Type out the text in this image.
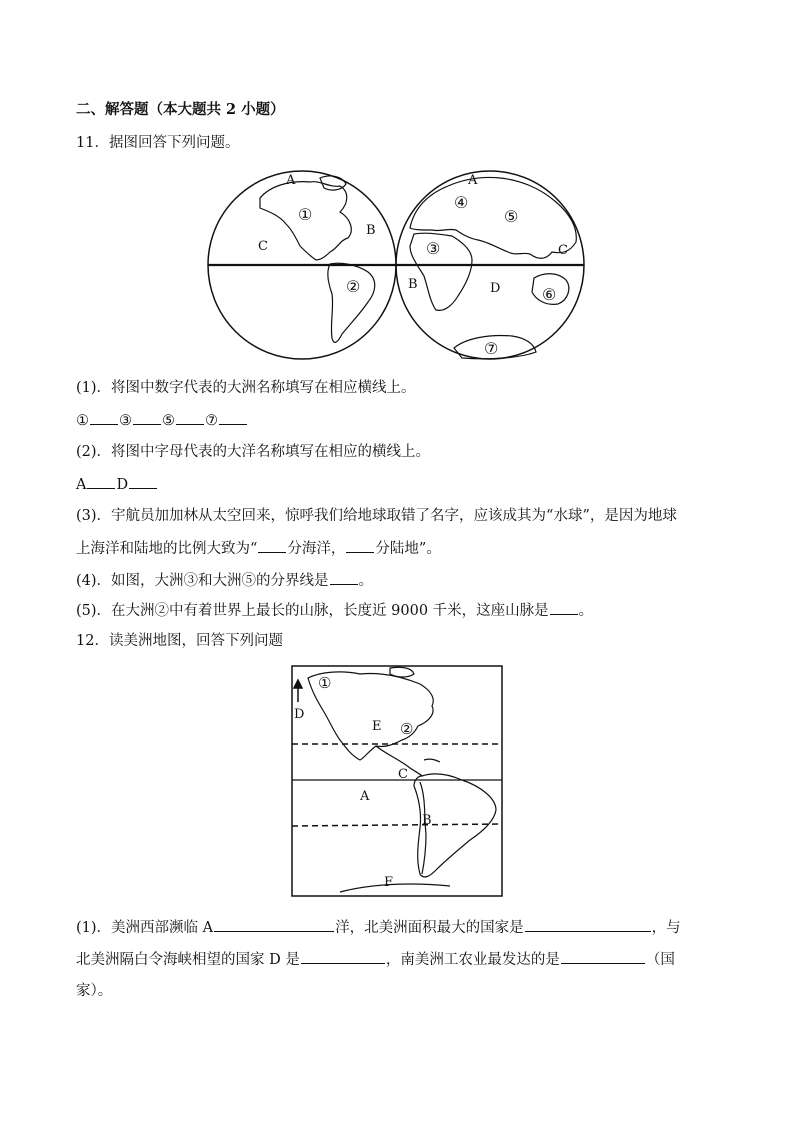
二、解答题（本大题共 2 小题）
11．据图回答下列问题。
A
①
B
C
②
A
④
⑤
③	C
B	D	⑥
⑦
(1)．将图中数字代表的大洲名称填写在相应横线上。
① ③ ⑤ ⑦
(2)．将图中字母代表的大洋名称填写在相应的横线上。
A D
(3)．宇航员加加林从太空回来，惊呼我们给地球取错了名字，应该成其为“水球”，是因为地球
上海洋和陆地的比例大致为“ 分海洋， 分陆地”。
(4)．如图，大洲③和大洲⑤的分界线是 。
(5)．在大洲②中有着世界上最长的山脉，长度近 9000 千米，这座山脉是 。
12．读美洲地图，回答下列问题
①
②
D
E
C
A
B
F
(1)．美洲西部濒临 A	洋，北美洲面积最大的国家是	，与
北美洲隔白令海峡相望的国家 D 是	，南美洲工农业最发达的是	（国
家）。
